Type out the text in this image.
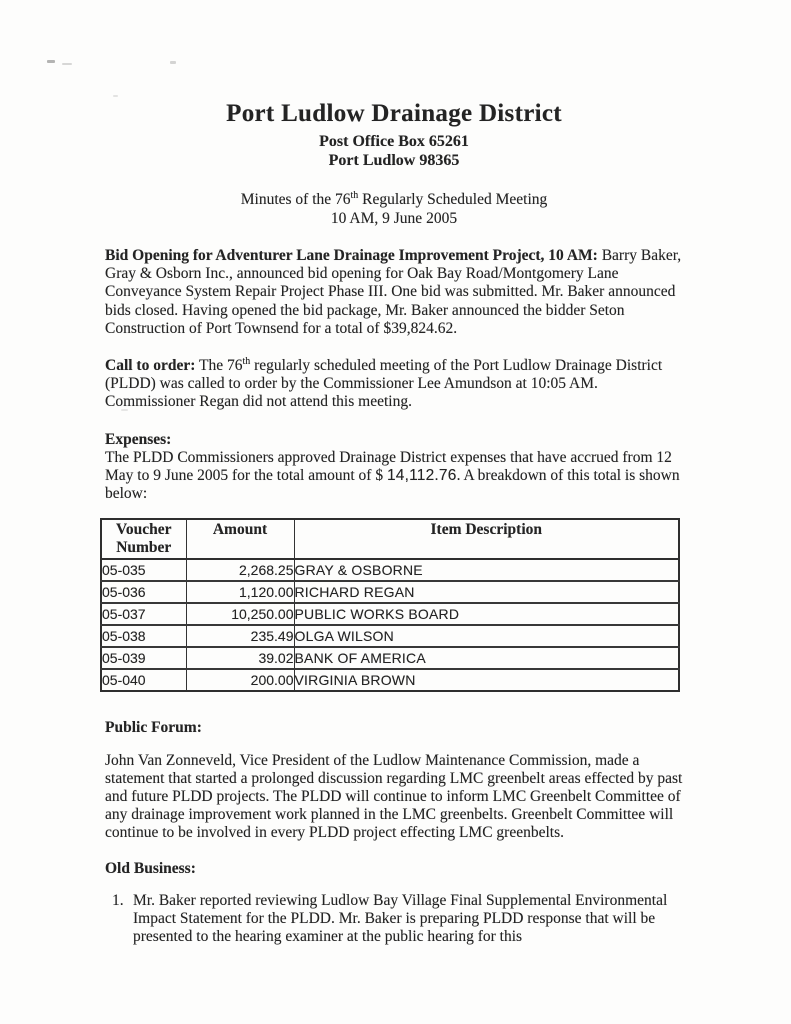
Port Ludlow Drainage District
Post Office Box 65261
Port Ludlow 98365
Minutes of the 76th Regularly Scheduled Meeting
10 AM, 9 June 2005

Bid Opening for Adventurer Lane Drainage Improvement Project, 10 AM: Barry Baker, Gray & Osborn Inc., announced bid opening for Oak Bay Road/Montgomery Lane Conveyance System Repair Project Phase III. One bid was submitted. Mr. Baker announced bids closed. Having opened the bid package, Mr. Baker announced the bidder Seton Construction of Port Townsend for a total of $39,824.62.

Call to order: The 76th regularly scheduled meeting of the Port Ludlow Drainage District (PLDD) was called to order by the Commissioner Lee Amundson at 10:05 AM. Commissioner Regan did not attend this meeting.

Expenses:

The PLDD Commissioners approved Drainage District expenses that have accrued from 12 May to 9 June 2005 for the total amount of $ 14,112.76. A breakdown of this total is shown below:

Voucher Number	Amount	Item Description
05-035	2,268.25	GRAY & OSBORNE
05-036	1,120.00	RICHARD REGAN
05-037	10,250.00	PUBLIC WORKS BOARD
05-038	235.49	OLGA WILSON
05-039	39.02	BANK OF AMERICA
05-040	200.00	VIRGINIA BROWN
Public Forum:

John Van Zonneveld, Vice President of the Ludlow Maintenance Commission, made a statement that started a prolonged discussion regarding LMC greenbelt areas effected by past and future PLDD projects. The PLDD will continue to inform LMC Greenbelt Committee of any drainage improvement work planned in the LMC greenbelts. Greenbelt Committee will continue to be involved in every PLDD project effecting LMC greenbelts.

Old Business:
1. Mr. Baker reported reviewing Ludlow Bay Village Final Supplemental Environmental Impact Statement for the PLDD. Mr. Baker is preparing PLDD response that will be presented to the hearing examiner at the public hearing for this
